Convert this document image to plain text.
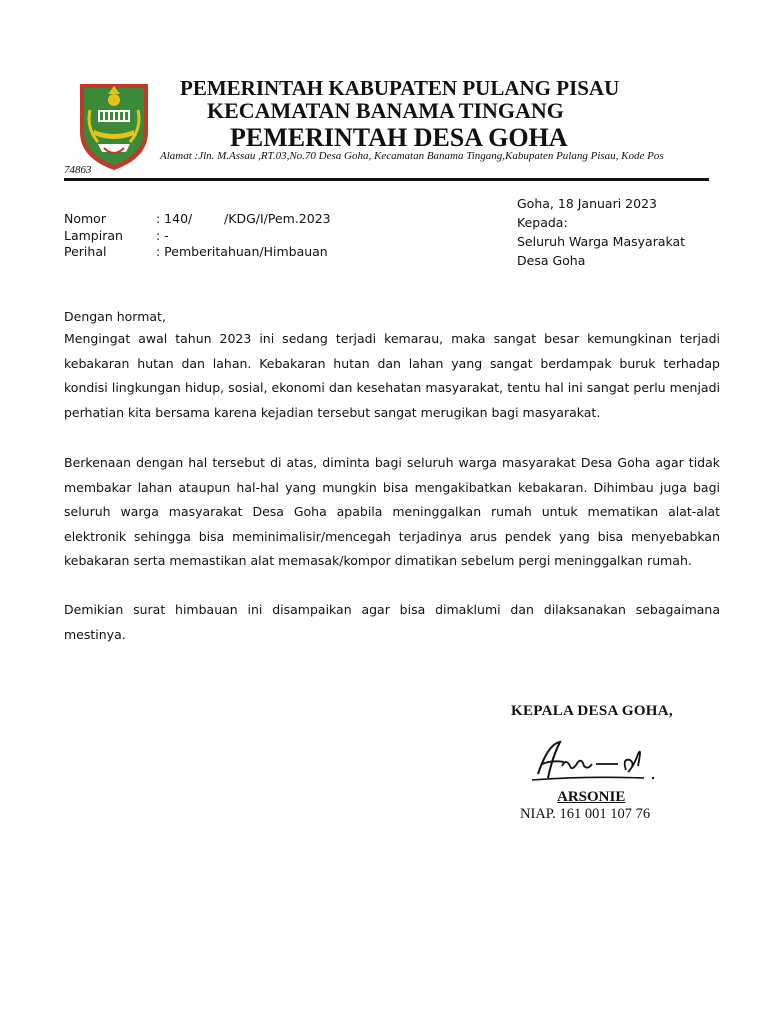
PEMERINTAH KABUPATEN PULANG PISAU
KECAMATAN BANAMA TINGANG
PEMERINTAH DESA GOHA
Alamat :Jln. M.Assau ,RT.03,No.70 Desa Goha, Kecamatan Banama Tingang,Kabupaten Pulang Pisau, Kode Pos
74863
Goha, 18 Januari 2023
Kepada:
Seluruh Warga Masyarakat
Desa Goha
Nomor	: 140/        /KDG/I/Pem.2023
Lampiran	: -
Perihal	: Pemberitahuan/Himbauan
Dengan hormat,

Mengingat awal tahun 2023 ini sedang terjadi kemarau, maka sangat besar kemungkinan terjadi kebakaran hutan dan lahan. Kebakaran hutan dan lahan yang sangat berdampak buruk terhadap kondisi lingkungan hidup, sosial, ekonomi dan kesehatan masyarakat, tentu hal ini sangat perlu menjadi perhatian kita bersama karena kejadian tersebut sangat merugikan bagi masyarakat.

Berkenaan dengan hal tersebut di atas, diminta bagi seluruh warga masyarakat Desa Goha agar tidak membakar lahan ataupun hal-hal yang mungkin bisa mengakibatkan kebakaran. Dihimbau juga bagi seluruh warga masyarakat Desa Goha apabila meninggalkan rumah untuk mematikan alat-alat elektronik sehingga bisa meminimalisir/mencegah terjadinya arus pendek yang bisa menyebabkan kebakaran serta memastikan alat memasak/kompor dimatikan sebelum pergi meninggalkan rumah.

Demikian surat himbauan ini disampaikan agar bisa dimaklumi dan dilaksanakan sebagaimana mestinya.

KEPALA DESA GOHA,
ARSONIE
NIAP. 161 001 107 76
